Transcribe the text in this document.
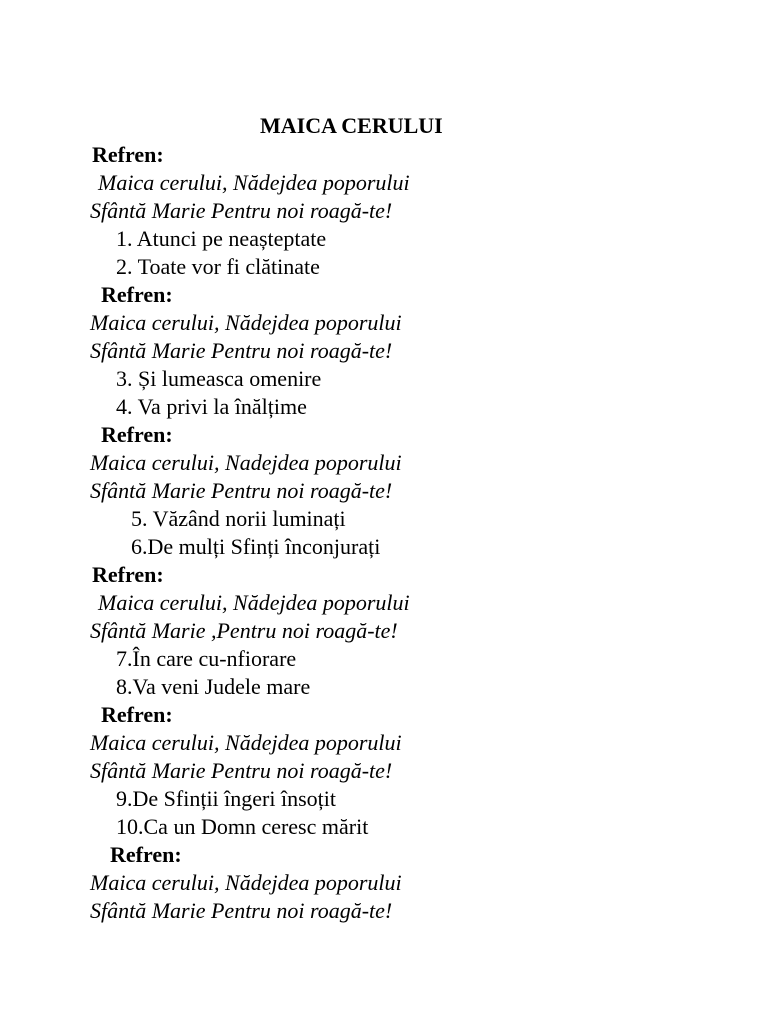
MAICA CERULUI
Refren:
Maica cerului, Nădejdea poporului
Sfântă Marie Pentru noi roagă-te!
1. Atunci pe neașteptate
2. Toate vor fi clătinate
Refren:
Maica cerului, Nădejdea poporului
Sfântă Marie Pentru noi roagă-te!
3. Și lumeasca omenire
4. Va privi la înălțime
Refren:
Maica cerului, Nadejdea poporului
Sfântă Marie Pentru noi roagă-te!
5. Văzând norii luminați
6.De mulți Sfinți înconjurați
Refren:
Maica cerului, Nădejdea poporului
Sfântă Marie ,Pentru noi roagă-te!
7.În care cu-nfiorare
8.Va veni Judele mare
Refren:
Maica cerului, Nădejdea poporului
Sfântă Marie Pentru noi roagă-te!
9.De Sfinții îngeri însoțit
10.Ca un Domn ceresc mărit
Refren:
Maica cerului, Nădejdea poporului
Sfântă Marie Pentru noi roagă-te!
